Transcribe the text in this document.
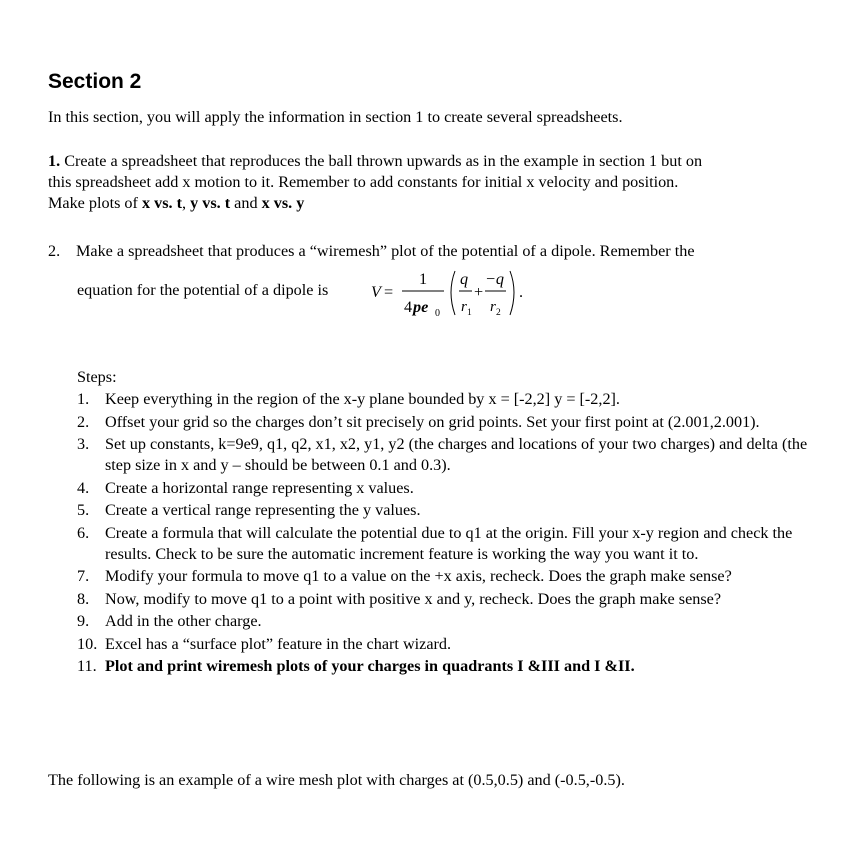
Section 2
In this section, you will apply the information in section 1 to create several spreadsheets.
1. Create a spreadsheet that reproduces the ball thrown upwards as in the example in section 1 but on
this spreadsheet add x motion to it. Remember to add constants for initial x velocity and position.
Make plots of x vs. t, y vs. t and x vs. y
2. Make a spreadsheet that produces a “wiremesh” plot of the potential of a dipole. Remember the
equation for the potential of a dipole is	V =
1
4 pe 0
q
r 1
+
−q
r 2
.
Steps:
1. Keep everything in the region of the x-y plane bounded by x = [-2,2] y = [-2,2].
2. Offset your grid so the charges don’t sit precisely on grid points. Set your first point at (2.001,2.001).
3. Set up constants, k=9e9, q1, q2, x1, x2, y1, y2 (the charges and locations of your two charges) and delta (the step size in x and y – should be between 0.1 and 0.3).
4. Create a horizontal range representing x values.
5. Create a vertical range representing the y values.
6. Create a formula that will calculate the potential due to q1 at the origin. Fill your x-y region and check the results. Check to be sure the automatic increment feature is working the way you want it to.
7. Modify your formula to move q1 to a value on the +x axis, recheck. Does the graph make sense?
8. Now, modify to move q1 to a point with positive x and y, recheck. Does the graph make sense?
9. Add in the other charge.
10. Excel has a “surface plot” feature in the chart wizard.
11. Plot and print wiremesh plots of your charges in quadrants I &III and I &II.
The following is an example of a wire mesh plot with charges at (0.5,0.5) and (-0.5,-0.5).
